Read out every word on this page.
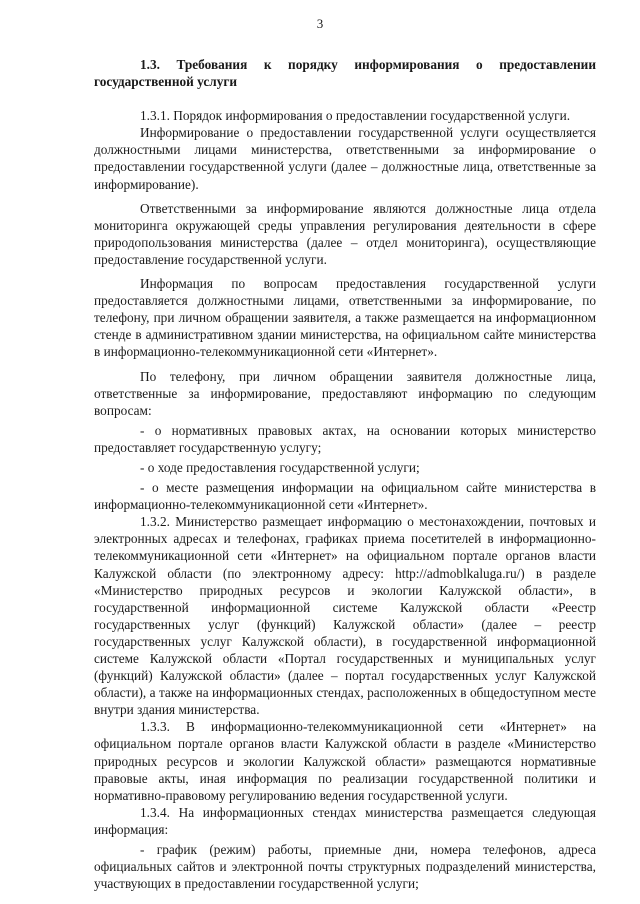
3

1.3. Требования к порядку информирования о предоставлении государственной услуги

1.3.1. Порядок информирования о предоставлении государственной услуги.

Информирование о предоставлении государственной услуги осуществляется должностными лицами министерства, ответственными за информирование о предоставлении государственной услуги (далее – должностные лица, ответственные за информирование).

Ответственными за информирование являются должностные лица отдела мониторинга окружающей среды управления регулирования деятельности в сфере природопользования министерства (далее – отдел мониторинга), осуществляющие предоставление государственной услуги.

Информация по вопросам предоставления государственной услуги предоставляется должностными лицами, ответственными за информирование, по телефону, при личном обращении заявителя, а также размещается на информационном стенде в административном здании министерства, на официальном сайте министерства в информационно-телекоммуникационной сети «Интернет».

По телефону, при личном обращении заявителя должностные лица, ответственные за информирование, предоставляют информацию по следующим вопросам:

- о нормативных правовых актах, на основании которых министерство предоставляет государственную услугу;

- о ходе предоставления государственной услуги;

- о месте размещения информации на официальном сайте министерства в информационно-телекоммуникационной сети «Интернет».

1.3.2. Министерство размещает информацию о местонахождении, почтовых и электронных адресах и телефонах, графиках приема посетителей в информационно-телекоммуникационной сети «Интернет» на официальном портале органов власти Калужской области (по электронному адресу: http://admoblkaluga.ru/) в разделе «Министерство природных ресурсов и экологии Калужской области», в государственной информационной системе Калужской области «Реестр государственных услуг (функций) Калужской области» (далее – реестр государственных услуг Калужской области), в государственной информационной системе Калужской области «Портал государственных и муниципальных услуг (функций) Калужской области» (далее – портал государственных услуг Калужской области), а также на информационных стендах, расположенных в общедоступном месте внутри здания министерства.

1.3.3. В информационно-телекоммуникационной сети «Интернет» на официальном портале органов власти Калужской области в разделе «Министерство природных ресурсов и экологии Калужской области» размещаются нормативные правовые акты, иная информация по реализации государственной политики и нормативно-правовому регулированию ведения государственной услуги.

1.3.4. На информационных стендах министерства размещается следующая информация:

- график (режим) работы, приемные дни, номера телефонов, адреса официальных сайтов и электронной почты структурных подразделений министерства, участвующих в предоставлении государственной услуги;
